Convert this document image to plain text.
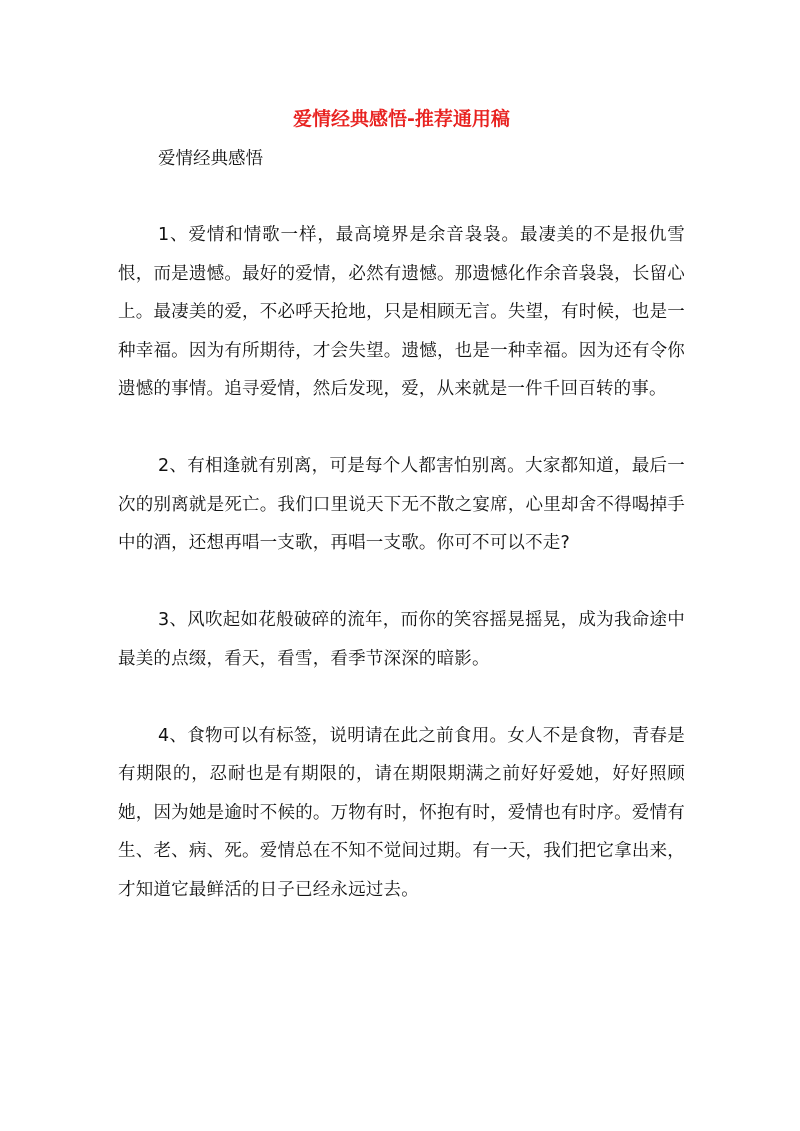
爱情经典感悟-推荐通用稿

爱情经典感悟

1、爱情和情歌一样，最高境界是余音袅袅。最凄美的不是报仇雪恨，而是遗憾。最好的爱情，必然有遗憾。那遗憾化作余音袅袅，长留心上。最凄美的爱，不必呼天抢地，只是相顾无言。失望，有时候，也是一种幸福。因为有所期待，才会失望。遗憾，也是一种幸福。因为还有令你遗憾的事情。追寻爱情，然后发现，爱，从来就是一件千回百转的事。

2、有相逢就有别离，可是每个人都害怕别离。大家都知道，最后一次的别离就是死亡。我们口里说天下无不散之宴席，心里却舍不得喝掉手中的酒，还想再唱一支歌，再唱一支歌。你可不可以不走?

3、风吹起如花般破碎的流年，而你的笑容摇晃摇晃，成为我命途中最美的点缀，看天，看雪，看季节深深的暗影。

4、食物可以有标签，说明请在此之前食用。女人不是食物，青春是有期限的，忍耐也是有期限的，请在期限期满之前好好爱她，好好照顾她，因为她是逾时不候的。万物有时，怀抱有时，爱情也有时序。爱情有生、老、病、死。爱情总在不知不觉间过期。有一天，我们把它拿出来，才知道它最鲜活的日子已经永远过去。
